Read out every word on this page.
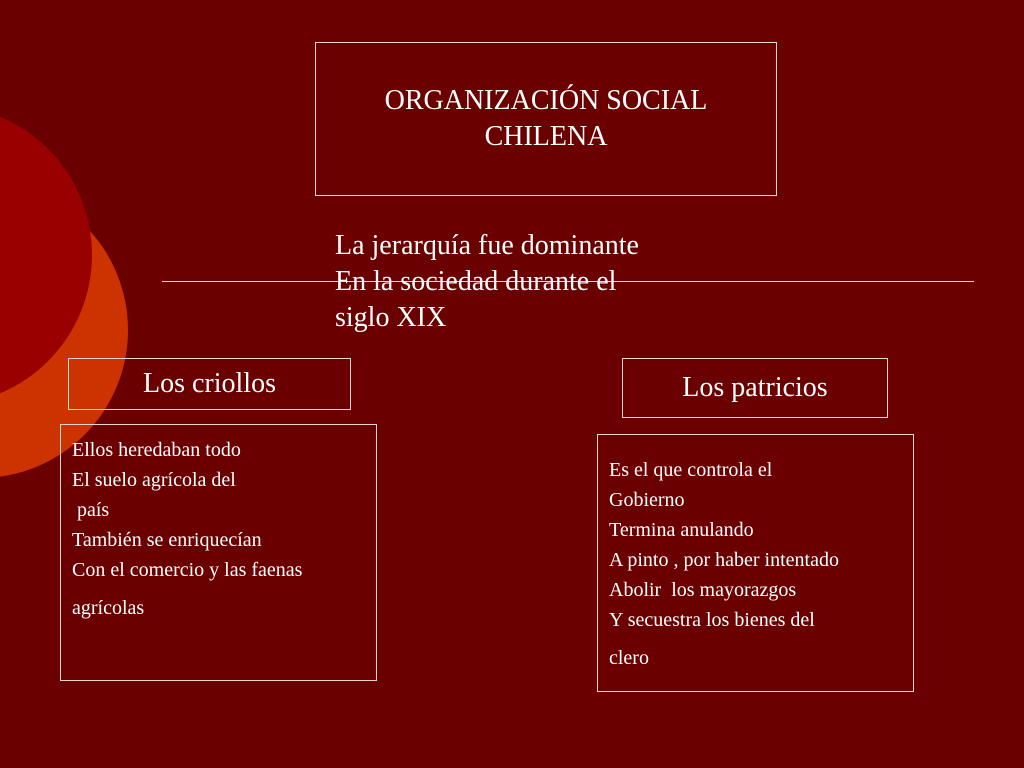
ORGANIZACIÓN SOCIAL
CHILENA
La jerarquía fue dominante
En la sociedad durante el
siglo XIX
Los criollos	Los patricios
Ellos heredaban todo
El suelo agrícola del
país
También se enriquecían
Con el comercio y las faenas
agrícolas
Es el que controla el
Gobierno
Termina anulando
A pinto , por haber intentado
Abolir  los mayorazgos
Y secuestra los bienes del
clero
